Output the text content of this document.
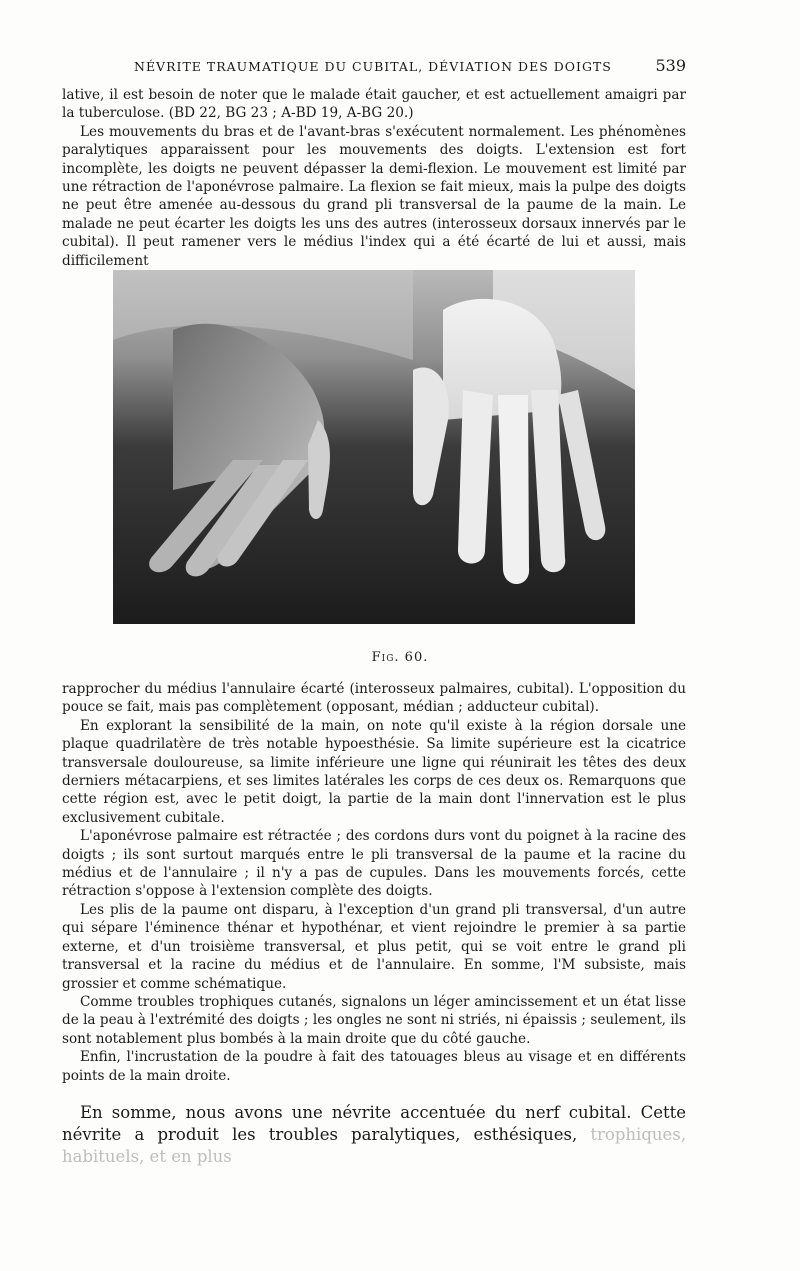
NÉVRITE TRAUMATIQUE DU CUBITAL, DÉVIATION DES DOIGTS	539

lative, il est besoin de noter que le malade était gaucher, et est actuellement amaigri par la tuberculose. (BD 22, BG 23 ; A-BD 19, A-BG 20.)

Les mouvements du bras et de l'avant-bras s'exécutent normalement. Les phénomènes paralytiques apparaissent pour les mouvements des doigts. L'extension est fort incomplète, les doigts ne peuvent dépasser la demi-flexion. Le mouvement est limité par une rétraction de l'aponévrose palmaire. La flexion se fait mieux, mais la pulpe des doigts ne peut être amenée au-dessous du grand pli transversal de la paume de la main. Le malade ne peut écarter les doigts les uns des autres (interosseux dorsaux innervés par le cubital). Il peut ramener vers le médius l'index qui a été écarté de lui et aussi, mais difficilement

Fig. 60.

rapprocher du médius l'annulaire écarté (interosseux palmaires, cubital). L'opposition du pouce se fait, mais pas complètement (opposant, médian ; adducteur cubital).

En explorant la sensibilité de la main, on note qu'il existe à la région dorsale une plaque quadrilatère de très notable hypoesthésie. Sa limite supérieure est la cicatrice transversale douloureuse, sa limite inférieure une ligne qui réunirait les têtes des deux derniers métacarpiens, et ses limites latérales les corps de ces deux os. Remarquons que cette région est, avec le petit doigt, la partie de la main dont l'innervation est le plus exclusivement cubitale.

L'aponévrose palmaire est rétractée ; des cordons durs vont du poignet à la racine des doigts ; ils sont surtout marqués entre le pli transversal de la paume et la racine du médius et de l'annulaire ; il n'y a pas de cupules. Dans les mouvements forcés, cette rétraction s'oppose à l'extension complète des doigts.

Les plis de la paume ont disparu, à l'exception d'un grand pli transversal, d'un autre qui sépare l'éminence thénar et hypothénar, et vient rejoindre le premier à sa partie externe, et d'un troisième transversal, et plus petit, qui se voit entre le grand pli transversal et la racine du médius et de l'annulaire. En somme, l'M subsiste, mais grossier et comme schématique.

Comme troubles trophiques cutanés, signalons un léger amincissement et un état lisse de la peau à l'extrémité des doigts ; les ongles ne sont ni striés, ni épaissis ; seulement, ils sont notablement plus bombés à la main droite que du côté gauche.

Enfin, l'incrustation de la poudre à fait des tatouages bleus au visage et en différents points de la main droite.

En somme, nous avons une névrite accentuée du nerf cubital. Cette névrite a produit les troubles paralytiques, esthésiques, trophiques, habituels, et en plus
